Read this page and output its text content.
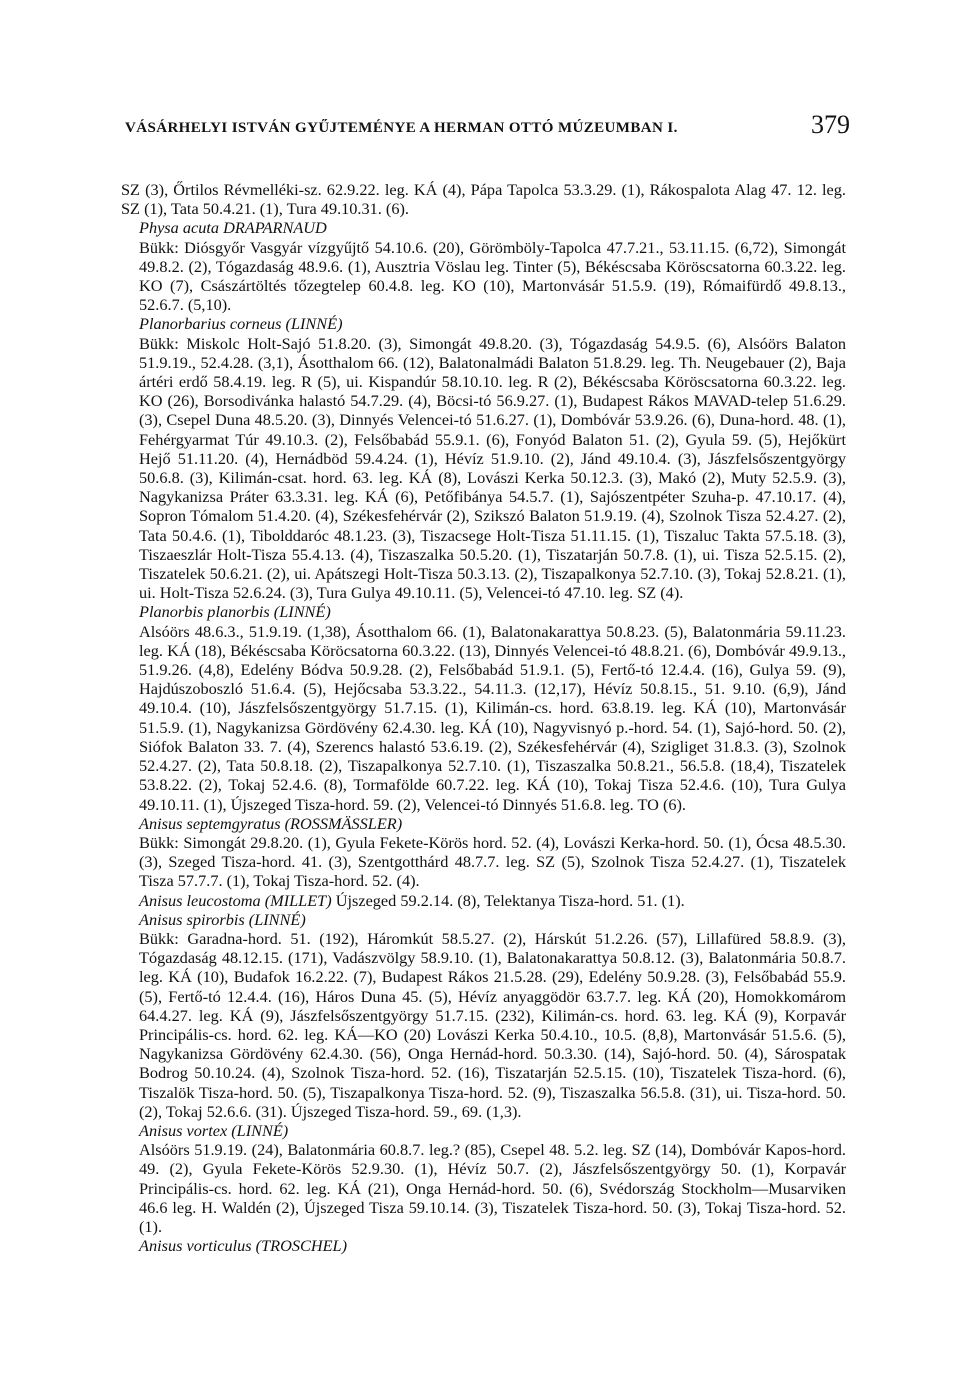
VÁSÁRHELYI ISTVÁN GYŰJTEMÉNYE A HERMAN OTTÓ MÚZEUMBAN I.	379

SZ (3), Őrtilos Révmelléki-sz. 62.9.22. leg. KÁ (4), Pápa Tapolca 53.3.29. (1), Rákospalota Alag 47. 12. leg. SZ (1), Tata 50.4.21. (1), Tura 49.10.31. (6).

Physa acuta DRAPARNAUD

Bükk: Diósgyőr Vasgyár vízgyűjtő 54.10.6. (20), Görömböly-Tapolca 47.7.21., 53.11.15. (6,72), Simongát 49.8.2. (2), Tógazdaság 48.9.6. (1), Ausztria Vöslau leg. Tinter (5), Békéscsaba Köröscsatorna 60.3.22. leg. KO (7), Császártöltés tőzegtelep 60.4.8. leg. KO (10), Martonvásár 51.5.9. (19), Rómaifürdő 49.8.13., 52.6.7. (5,10).

Planorbarius corneus (LINNÉ)

Bükk: Miskolc Holt-Sajó 51.8.20. (3), Simongát 49.8.20. (3), Tógazdaság 54.9.5. (6), Alsóörs Balaton 51.9.19., 52.4.28. (3,1), Ásotthalom 66. (12), Balatonalmádi Balaton 51.8.29. leg. Th. Neugebauer (2), Baja ártéri erdő 58.4.19. leg. R (5), ui. Kispandúr 58.10.10. leg. R (2), Békéscsaba Köröscsatorna 60.3.22. leg. KO (26), Borsodivánka halastó 54.7.29. (4), Böcsi-tó 56.9.27. (1), Budapest Rákos MAVAD-telep 51.6.29. (3), Csepel Duna 48.5.20. (3), Dinnyés Velencei-tó 51.6.27. (1), Dombóvár 53.9.26. (6), Duna-hord. 48. (1), Fehérgyarmat Túr 49.10.3. (2), Felsőbabád 55.9.1. (6), Fonyód Balaton 51. (2), Gyula 59. (5), Hejőkürt Hejő 51.11.20. (4), Hernádböd 59.4.24. (1), Hévíz 51.9.10. (2), Jánd 49.10.4. (3), Jászfelsőszentgyörgy 50.6.8. (3), Kilimán-csat. hord. 63. leg. KÁ (8), Lovászi Kerka 50.12.3. (3), Makó (2), Muty 52.5.9. (3), Nagykanizsa Práter 63.3.31. leg. KÁ (6), Petőfibánya 54.5.7. (1), Sajószentpéter Szuha-p. 47.10.17. (4), Sopron Tómalom 51.4.20. (4), Székesfehérvár (2), Szikszó Balaton 51.9.19. (4), Szolnok Tisza 52.4.27. (2), Tata 50.4.6. (1), Tibolddaróc 48.1.23. (3), Tiszacsege Holt-Tisza 51.11.15. (1), Tiszaluc Takta 57.5.18. (3), Tiszaeszlár Holt-Tisza 55.4.13. (4), Tiszaszalka 50.5.20. (1), Tiszatarján 50.7.8. (1), ui. Tisza 52.5.15. (2), Tiszatelek 50.6.21. (2), ui. Apátszegi Holt-Tisza 50.3.13. (2), Tiszapalkonya 52.7.10. (3), Tokaj 52.8.21. (1), ui. Holt-Tisza 52.6.24. (3), Tura Gulya 49.10.11. (5), Velencei-tó 47.10. leg. SZ (4).

Planorbis planorbis (LINNÉ)

Alsóörs 48.6.3., 51.9.19. (1,38), Ásotthalom 66. (1), Balatonakarattya 50.8.23. (5), Balatonmária 59.11.23. leg. KÁ (18), Békéscsaba Köröcsatorna 60.3.22. (13), Dinnyés Velencei-tó 48.8.21. (6), Dombóvár 49.9.13., 51.9.26. (4,8), Edelény Bódva 50.9.28. (2), Felsőbabád 51.9.1. (5), Fertő-tó 12.4.4. (16), Gulya 59. (9), Hajdúszoboszló 51.6.4. (5), Hejőcsaba 53.3.22., 54.11.3. (12,17), Hévíz 50.8.15., 51. 9.10. (6,9), Jánd 49.10.4. (10), Jászfelsőszentgyörgy 51.7.15. (1), Kilimán-cs. hord. 63.8.19. leg. KÁ (10), Martonvásár 51.5.9. (1), Nagykanizsa Gördövény 62.4.30. leg. KÁ (10), Nagyvisnyó p.-hord. 54. (1), Sajó-hord. 50. (2), Siófok Balaton 33. 7. (4), Szerencs halastó 53.6.19. (2), Székesfehérvár (4), Szigliget 31.8.3. (3), Szolnok 52.4.27. (2), Tata 50.8.18. (2), Tiszapalkonya 52.7.10. (1), Tiszaszalka 50.8.21., 56.5.8. (18,4), Tiszatelek 53.8.22. (2), Tokaj 52.4.6. (8), Tormafölde 60.7.22. leg. KÁ (10), Tokaj Tisza 52.4.6. (10), Tura Gulya 49.10.11. (1), Újszeged Tisza-hord. 59. (2), Velencei-tó Dinnyés 51.6.8. leg. TO (6).

Anisus septemgyratus (ROSSMÄSSLER)

Bükk: Simongát 29.8.20. (1), Gyula Fekete-Körös hord. 52. (4), Lovászi Kerka-hord. 50. (1), Ócsa 48.5.30. (3), Szeged Tisza-hord. 41. (3), Szentgotthárd 48.7.7. leg. SZ (5), Szolnok Tisza 52.4.27. (1), Tiszatelek Tisza 57.7.7. (1), Tokaj Tisza-hord. 52. (4).

Anisus leucostoma (MILLET) Újszeged 59.2.14. (8), Telektanya Tisza-hord. 51. (1).

Anisus spirorbis (LINNÉ)

Bükk: Garadna-hord. 51. (192), Háromkút 58.5.27. (2), Hárskút 51.2.26. (57), Lillafüred 58.8.9. (3), Tógazdaság 48.12.15. (171), Vadászvölgy 58.9.10. (1), Balatonakarattya 50.8.12. (3), Balatonmária 50.8.7. leg. KÁ (10), Budafok 16.2.22. (7), Budapest Rákos 21.5.28. (29), Edelény 50.9.28. (3), Felsőbabád 55.9. (5), Fertő-tó 12.4.4. (16), Háros Duna 45. (5), Hévíz anyaggödör 63.7.7. leg. KÁ (20), Homokkomárom 64.4.27. leg. KÁ (9), Jászfelsőszentgyörgy 51.7.15. (232), Kilimán-cs. hord. 63. leg. KÁ (9), Korpavár Principális-cs. hord. 62. leg. KÁ—KO (20) Lovászi Kerka 50.4.10., 10.5. (8,8), Martonvásár 51.5.6. (5), Nagykanizsa Gördövény 62.4.30. (56), Onga Hernád-hord. 50.3.30. (14), Sajó-hord. 50. (4), Sárospatak Bodrog 50.10.24. (4), Szolnok Tisza-hord. 52. (16), Tiszatarján 52.5.15. (10), Tiszatelek Tisza-hord. (6), Tiszalök Tisza-hord. 50. (5), Tiszapalkonya Tisza-hord. 52. (9), Tiszaszalka 56.5.8. (31), ui. Tisza-hord. 50. (2), Tokaj 52.6.6. (31). Újszeged Tisza-hord. 59., 69. (1,3).

Anisus vortex (LINNÉ)

Alsóörs 51.9.19. (24), Balatonmária 60.8.7. leg.? (85), Csepel 48. 5.2. leg. SZ (14), Dombóvár Kapos-hord. 49. (2), Gyula Fekete-Körös 52.9.30. (1), Hévíz 50.7. (2), Jászfelsőszentgyörgy 50. (1), Korpavár Principális-cs. hord. 62. leg. KÁ (21), Onga Hernád-hord. 50. (6), Svédország Stockholm—Musarviken 46.6 leg. H. Waldén (2), Újszeged Tisza 59.10.14. (3), Tiszatelek Tisza-hord. 50. (3), Tokaj Tisza-hord. 52. (1).

Anisus vorticulus (TROSCHEL)
